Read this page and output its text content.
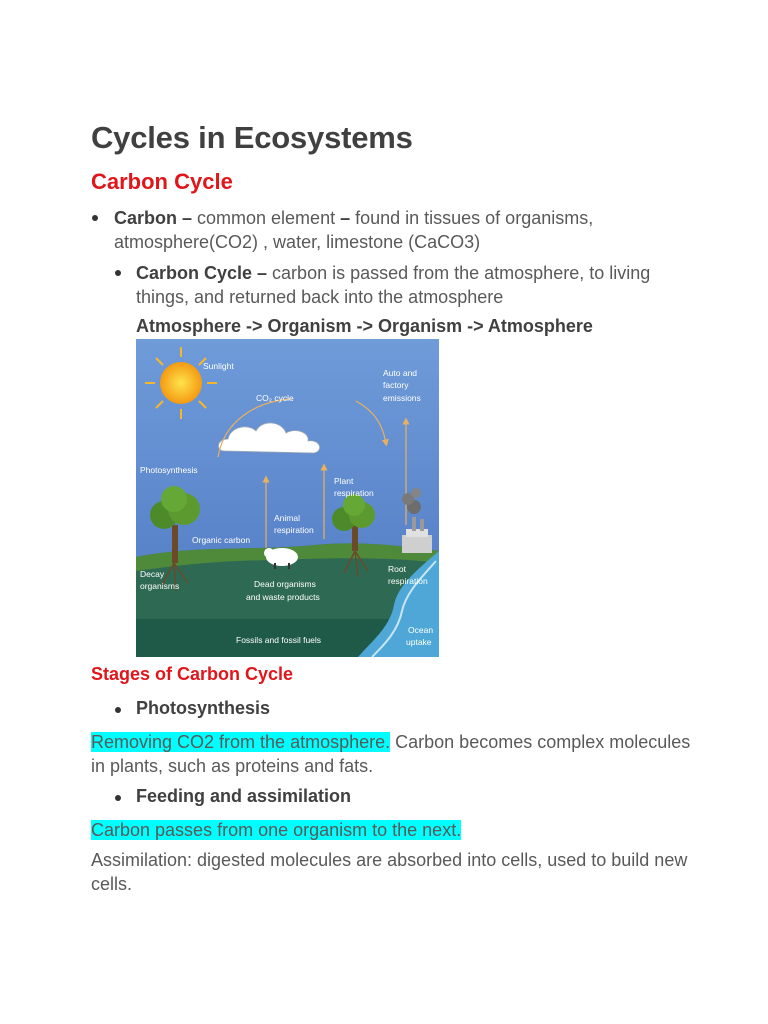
Cycles in Ecosystems
Carbon Cycle
Carbon – common element – found in tissues of organisms, atmosphere(CO2) , water, limestone (CaCO3)
Carbon Cycle – carbon is passed from the atmosphere, to living things, and returned back into the atmosphere
Atmosphere -> Organism -> Organism -> Atmosphere
Sunlight
CO₂ cycle
Auto and
factory
emissions
Photosynthesis
Plant
respiration
Animal
respiration
Organic carbon
Decay
organisms	Dead organisms
and waste products
Root
respiration
Fossils and fossil fuels
Ocean
uptake
Stages of Carbon Cycle
Photosynthesis
Removing CO2 from the atmosphere. Carbon becomes complex molecules in plants, such as proteins and fats.
Feeding and assimilation
Carbon passes from one organism to the next.
Assimilation: digested molecules are absorbed into cells, used to build new cells.
